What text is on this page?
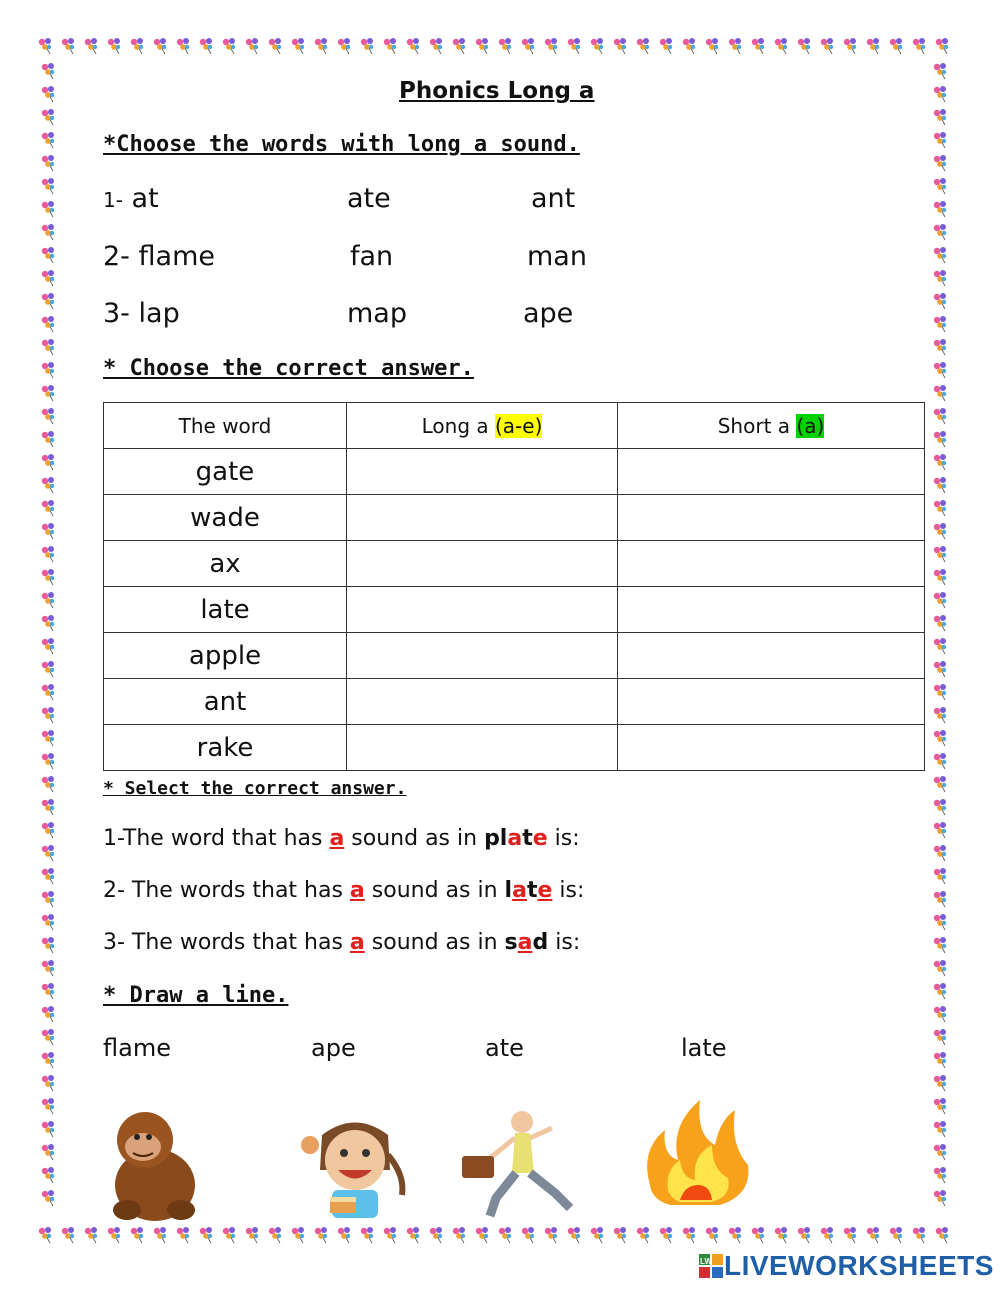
Phonics Long a
*Choose the words with long a sound.
1- at	ate	ant
2- flame	fan	man
3- lap	map	ape
* Choose the correct answer.
The word	Long a (a-e)	Short a (a)
gate		
wade		
ax		
late		
apple		
ant		
rake		
* Select the correct answer.
1-The word that has a sound as in plate is:
2- The words that has a sound as in late is:
3- The words that has a sound as in sad is:
* Draw a line.
flame	ape	ate	late
LW LIVEWORKSHEETS
